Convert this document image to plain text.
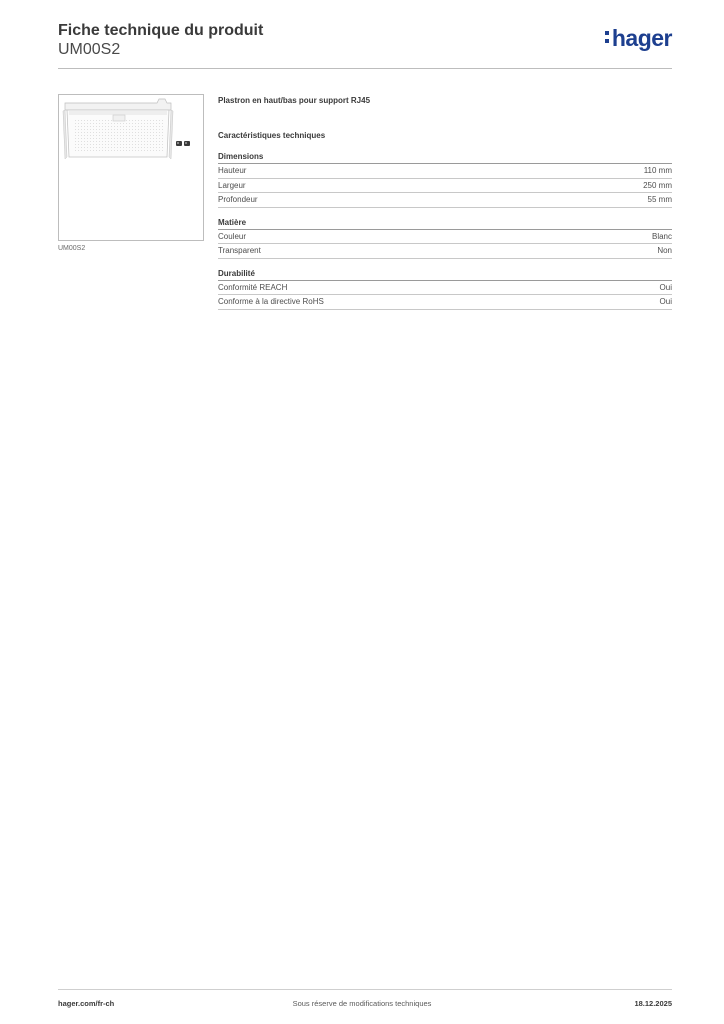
Fiche technique du produit
UM00S2	hager
UM00S2
Plastron en haut/bas pour support RJ45
Caractéristiques techniques
Dimensions
Hauteur	110 mm
Largeur	250 mm
Profondeur	55 mm
Matière
Couleur	Blanc
Transparent	Non
Durabilité
Conformité REACH	Oui
Conforme à la directive RoHS	Oui
hager.com/fr-ch	Sous réserve de modifications techniques	18.12.2025
